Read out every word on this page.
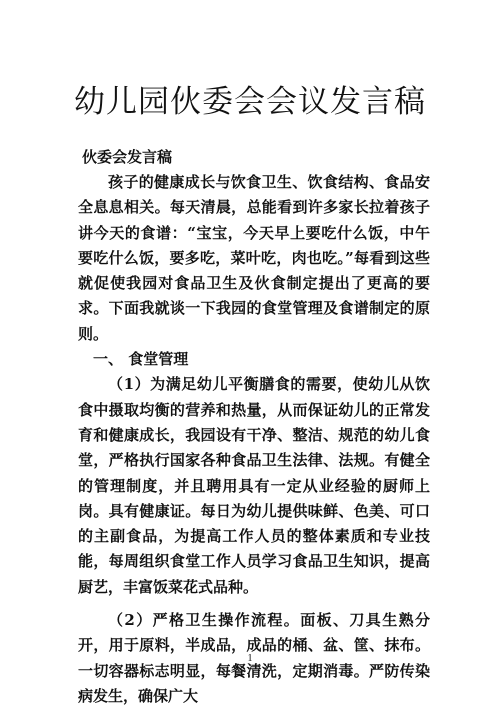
幼儿园伙委会会议发言稿
伙委会发言稿

孩子的健康成长与饮食卫生、饮食结构、食品安全息息相关。每天清晨，总能看到许多家长拉着孩子讲今天的食谱：“宝宝，今天早上要吃什么饭，中午要吃什么饭，要多吃，菜叶吃，肉也吃。”每看到这些就促使我园对食品卫生及伙食制定提出了更高的要求。下面我就谈一下我园的食堂管理及食谱制定的原则。

一、 食堂管理

（1）为满足幼儿平衡膳食的需要，使幼儿从饮食中摄取均衡的营养和热量，从而保证幼儿的正常发育和健康成长，我园设有干净、整洁、规范的幼儿食堂，严格执行国家各种食品卫生法律、法规。有健全的管理制度，并且聘用具有一定从业经验的厨师上岗。具有健康证。每日为幼儿提供味鲜、色美、可口的主副食品，为提高工作人员的整体素质和专业技能，每周组织食堂工作人员学习食品卫生知识，提高厨艺，丰富饭菜花式品种。

（2）严格卫生操作流程。面板、刀具生熟分开，用于原料，半成品，成品的桶、盆、筐、抹布。一切容器标志明显，每餐清洗，定期消毒。严防传染病发生，确保广大

1
